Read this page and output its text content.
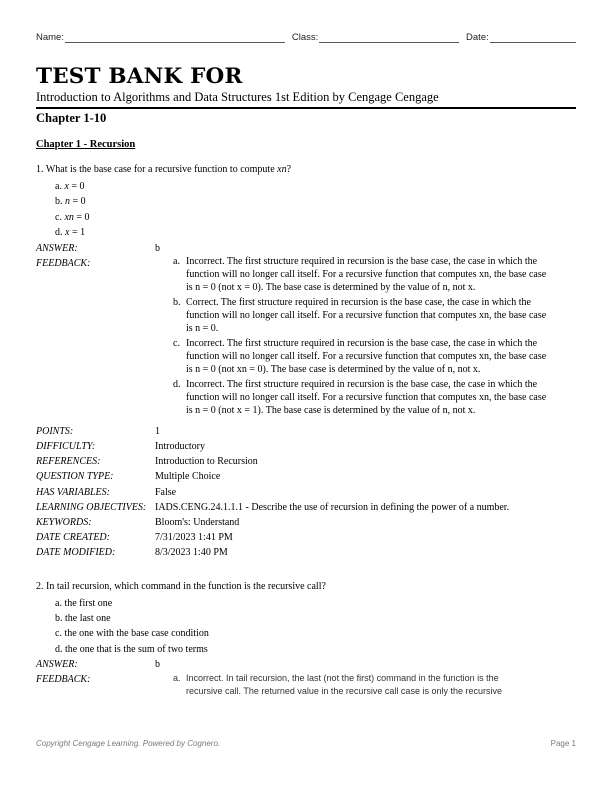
Name:	Class:	Date:
TEST BANK FOR
Introduction to Algorithms and Data Structures 1st Edition by Cengage Cengage
Chapter 1-10
Chapter 1 - Recursion
1. What is the base case for a recursive function to compute xn?
a. x = 0
b. n = 0
c. xn = 0
d. x = 1
ANSWER:	b
FEEDBACK:	a. Incorrect. The first structure required in recursion is the base case, the case in which the function will no longer call itself. For a recursive function that computes xn, the base case is n = 0 (not x = 0). The base case is determined by the value of n, not x.
b. Correct. The first structure required in recursion is the base case, the case in which the function will no longer call itself. For a recursive function that computes xn, the base case is n = 0.
c. Incorrect. The first structure required in recursion is the base case, the case in which the function will no longer call itself. For a recursive function that computes xn, the base case is n = 0 (not xn = 0). The base case is determined by the value of n, not x.
d. Incorrect. The first structure required in recursion is the base case, the case in which the function will no longer call itself. For a recursive function that computes xn, the base case is n = 0 (not x = 1). The base case is determined by the value of n, not x.
POINTS:	1
DIFFICULTY:	Introductory
REFERENCES:	Introduction to Recursion
QUESTION TYPE:	Multiple Choice
HAS VARIABLES:	False
LEARNING OBJECTIVES: IADS.CENG.24.1.1.1 - Describe the use of recursion in defining the power of a number.
KEYWORDS:	Bloom's: Understand
DATE CREATED:	7/31/2023 1:41 PM
DATE MODIFIED:	8/3/2023 1:40 PM
2. In tail recursion, which command in the function is the recursive call?
a. the first one
b. the last one
c. the one with the base case condition
d. the one that is the sum of two terms
ANSWER:	b
FEEDBACK:	a. Incorrect. In tail recursion, the last (not the first) command in the function is the recursive call. The returned value in the recursive call case is only the recursive
Copyright Cengage Learning. Powered by Cognero.	Page 1
